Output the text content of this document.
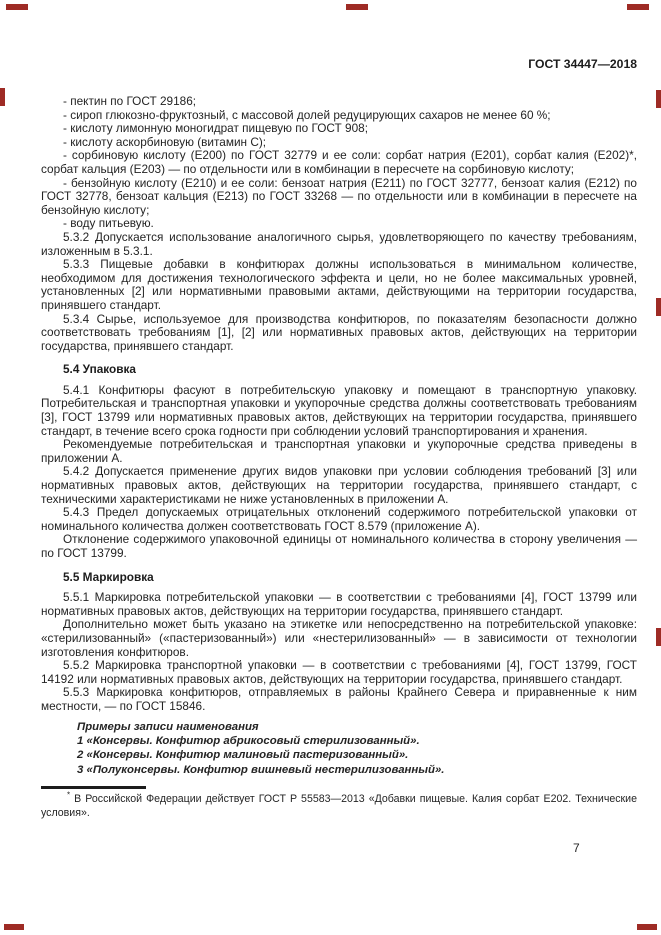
ГОСТ 34447—2018

- пектин по ГОСТ 29186;

- сироп глюкозно-фруктозный, с массовой долей редуцирующих сахаров не менее 60 %;

- кислоту лимонную моногидрат пищевую по ГОСТ 908;

- кислоту аскорбиновую (витамин С);

- сорбиновую кислоту (Е200) по ГОСТ 32779 и ее соли: сорбат натрия (Е201), сорбат калия (Е202)*, сорбат кальция (Е203) — по отдельности или в комбинации в пересчете на сорбиновую кислоту;

- бензойную кислоту (Е210) и ее соли: бензоат натрия (Е211) по ГОСТ 32777, бензоат калия (Е212) по ГОСТ 32778, бензоат кальция (Е213) по ГОСТ 33268 — по отдельности или в комбинации в пересчете на бензойную кислоту;

- воду питьевую.

5.3.2 Допускается использование аналогичного сырья, удовлетворяющего по качеству требованиям, изложенным в 5.3.1.

5.3.3 Пищевые добавки в конфитюрах должны использоваться в минимальном количестве, необходимом для достижения технологического эффекта и цели, но не более максимальных уровней, установленных [2] или нормативными правовыми актами, действующими на территории государства, принявшего стандарт.

5.3.4 Сырье, используемое для производства конфитюров, по показателям безопасности должно соответствовать требованиям [1], [2] или нормативных правовых актов, действующих на территории государства, принявшего стандарт.

5.4 Упаковка

5.4.1 Конфитюры фасуют в потребительскую упаковку и помещают в транспортную упаковку. Потребительская и транспортная упаковки и укупорочные средства должны соответствовать требованиям [3], ГОСТ 13799 или нормативных правовых актов, действующих на территории государства, принявшего стандарт, в течение всего срока годности при соблюдении условий транспортирования и хранения.

Рекомендуемые потребительская и транспортная упаковки и укупорочные средства приведены в приложении А.

5.4.2 Допускается применение других видов упаковки при условии соблюдения требований [3] или нормативных правовых актов, действующих на территории государства, принявшего стандарт, с техническими характеристиками не ниже установленных в приложении А.

5.4.3 Предел допускаемых отрицательных отклонений содержимого потребительской упаковки от номинального количества должен соответствовать ГОСТ 8.579 (приложение А).

Отклонение содержимого упаковочной единицы от номинального количества в сторону увеличения — по ГОСТ 13799.

5.5 Маркировка

5.5.1 Маркировка потребительской упаковки — в соответствии с требованиями [4], ГОСТ 13799 или нормативных правовых актов, действующих на территории государства, принявшего стандарт.

Дополнительно может быть указано на этикетке или непосредственно на потребительской упаковке: «стерилизованный» («пастеризованный») или «нестерилизованный» — в зависимости от технологии изготовления конфитюров.

5.5.2 Маркировка транспортной упаковки — в соответствии с требованиями [4], ГОСТ 13799, ГОСТ 14192 или нормативных правовых актов, действующих на территории государства, принявшего стандарт.

5.5.3 Маркировка конфитюров, отправляемых в районы Крайнего Севера и приравненные к ним местности, — по ГОСТ 15846.

Примеры записи наименования

1 «Консервы. Конфитюр абрикосовый стерилизованный».

2 «Консервы. Конфитюр малиновый пастеризованный».

3 «Полуконсервы. Конфитюр вишневый нестерилизованный».

* В Российской Федерации действует ГОСТ Р 55583—2013 «Добавки пищевые. Калия сорбат Е202. Технические условия».

7
